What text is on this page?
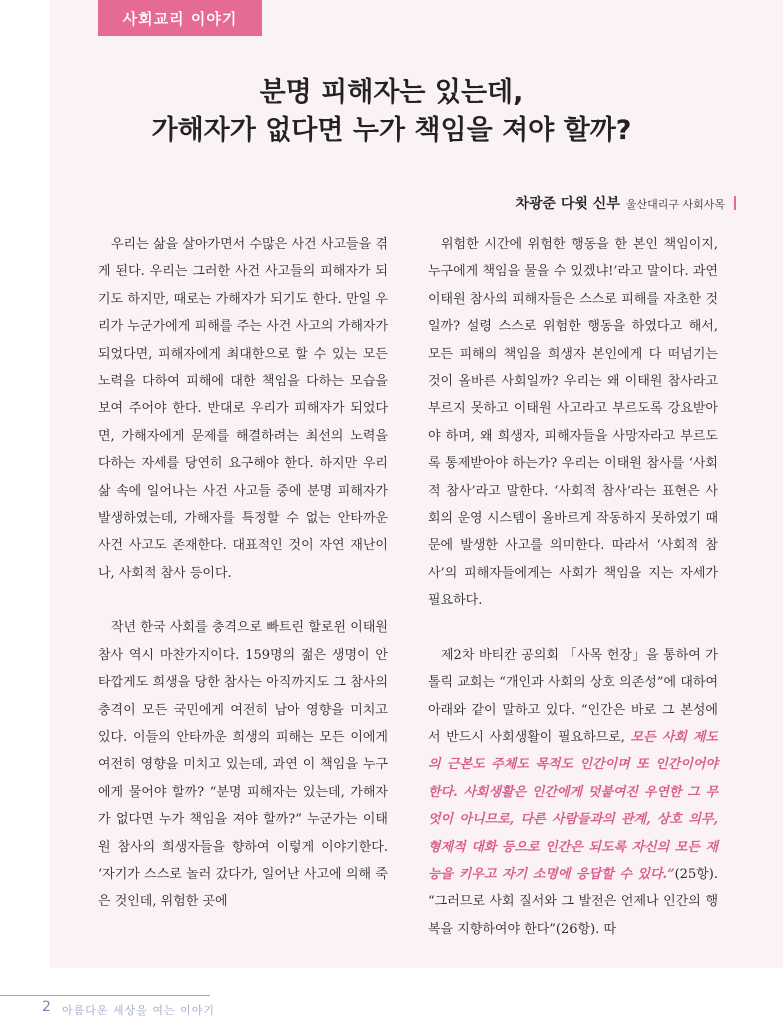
사회교리 이야기
분명 피해자는 있는데,
가해자가 없다면 누가 책임을 져야 할까?
차광준 다윗 신부 울산대리구 사회사목

우리는 삶을 살아가면서 수많은 사건 사고들을 겪게 된다. 우리는 그러한 사건 사고들의 피해자가 되기도 하지만, 때로는 가해자가 되기도 한다. 만일 우리가 누군가에게 피해를 주는 사건 사고의 가해자가 되었다면, 피해자에게 최대한으로 할 수 있는 모든 노력을 다하여 피해에 대한 책임을 다하는 모습을 보여 주어야 한다. 반대로 우리가 피해자가 되었다면, 가해자에게 문제를 해결하려는 최선의 노력을 다하는 자세를 당연히 요구해야 한다. 하지만 우리 삶 속에 일어나는 사건 사고들 중에 분명 피해자가 발생하였는데, 가해자를 특정할 수 없는 안타까운 사건 사고도 존재한다. 대표적인 것이 자연 재난이나, 사회적 참사 등이다.

작년 한국 사회를 충격으로 빠트린 할로윈 이태원 참사 역시 마찬가지이다. 159명의 젊은 생명이 안타깝게도 희생을 당한 참사는 아직까지도 그 참사의 충격이 모든 국민에게 여전히 남아 영향을 미치고 있다. 이들의 안타까운 희생의 피해는 모든 이에게 여전히 영향을 미치고 있는데, 과연 이 책임을 누구에게 물어야 할까? “분명 피해자는 있는데, 가해자가 없다면 누가 책임을 져야 할까?” 누군가는 이태원 참사의 희생자들을 향하여 이렇게 이야기한다. ‘자기가 스스로 놀러 갔다가, 일어난 사고에 의해 죽은 것인데, 위험한 곳에

위험한 시간에 위험한 행동을 한 본인 책임이지, 누구에게 책임을 물을 수 있겠냐!’라고 말이다. 과연 이태원 참사의 피해자들은 스스로 피해를 자초한 것일까? 설령 스스로 위험한 행동을 하였다고 해서, 모든 피해의 책임을 희생자 본인에게 다 떠넘기는 것이 올바른 사회일까? 우리는 왜 이태원 참사라고 부르지 못하고 이태원 사고라고 부르도록 강요받아야 하며, 왜 희생자, 피해자들을 사망자라고 부르도록 통제받아야 하는가? 우리는 이태원 참사를 ‘사회적 참사’라고 말한다. ‘사회적 참사’라는 표현은 사회의 운영 시스템이 올바르게 작동하지 못하였기 때문에 발생한 사고를 의미한다. 따라서 ‘사회적 참사’의 피해자들에게는 사회가 책임을 지는 자세가 필요하다.

제2차 바티칸 공의회 「사목 헌장」을 통하여 가톨릭 교회는 “개인과 사회의 상호 의존성”에 대하여 아래와 같이 말하고 있다. “인간은 바로 그 본성에서 반드시 사회생활이 필요하므로, 모든 사회 제도의 근본도 주체도 목적도 인간이며 또 인간이어야 한다. 사회생활은 인간에게 덧붙여진 우연한 그 무엇이 아니므로, 다른 사람들과의 관계, 상호 의무, 형제적 대화 등으로 인간은 되도록 자신의 모든 재능을 키우고 자기 소명에 응답할 수 있다.”(25항). “그러므로 사회 질서와 그 발전은 언제나 인간의 행복을 지향하여야 한다”(26항). 따

2 아름다운 세상을 여는 이야기
